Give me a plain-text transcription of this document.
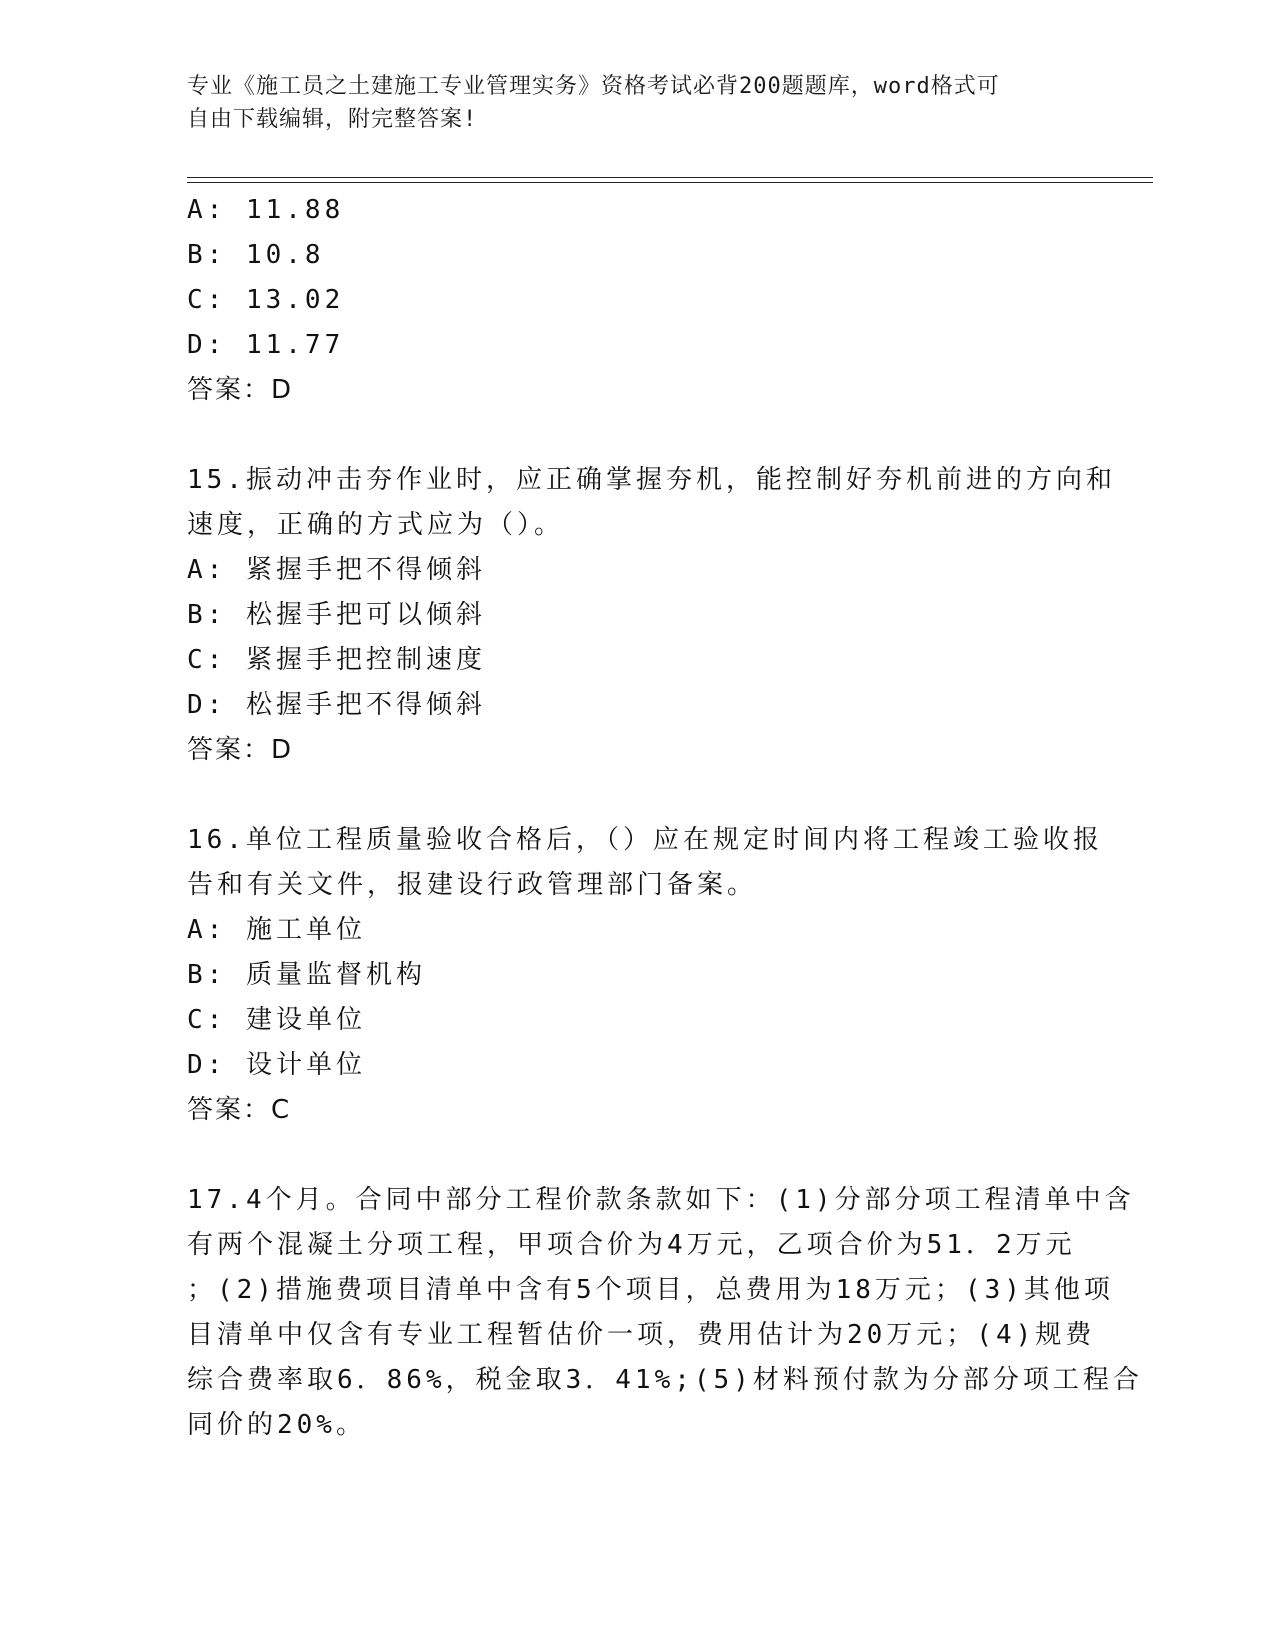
专业《施工员之土建施工专业管理实务》资格考试必背200题题库，word格式可
自由下载编辑，附完整答案!
A: 11.88
B: 10.8
C: 13.02
D: 11.77
答案：D
15.振动冲击夯作业时，应正确掌握夯机，能控制好夯机前进的方向和
速度，正确的方式应为（）。
A: 紧握手把不得倾斜
B: 松握手把可以倾斜
C: 紧握手把控制速度
D: 松握手把不得倾斜
答案：D
16.单位工程质量验收合格后，（）应在规定时间内将工程竣工验收报
告和有关文件，报建设行政管理部门备案。
A: 施工单位
B: 质量监督机构
C: 建设单位
D: 设计单位
答案：C
17.4个月。合同中部分工程价款条款如下：(1)分部分项工程清单中含
有两个混凝土分项工程，甲项合价为4万元，乙项合价为51．2万元
；(2)措施费项目清单中含有5个项目，总费用为18万元；(3)其他项
目清单中仅含有专业工程暂估价一项，费用估计为20万元；(4)规费
综合费率取6．86%，税金取3．41%;(5)材料预付款为分部分项工程合
同价的20%。
